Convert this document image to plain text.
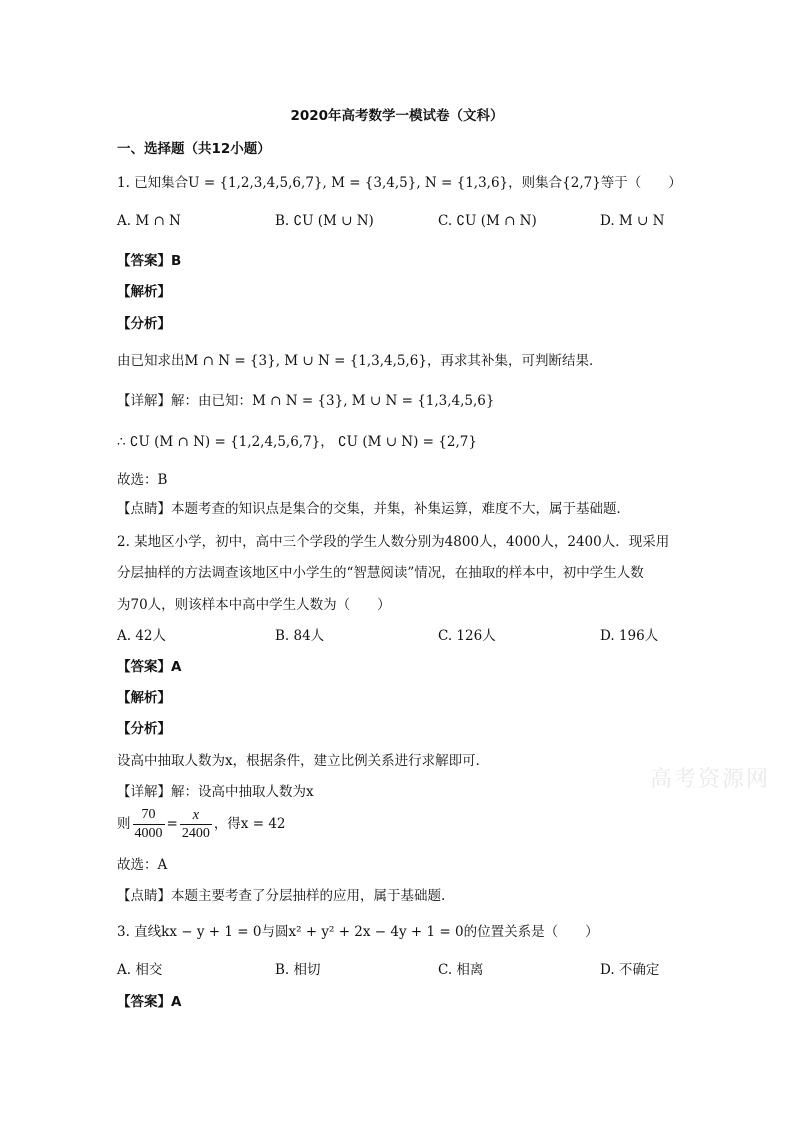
2020年高考数学一模试卷（文科）
一、选择题（共12小题）
1. 已知集合U = {1,2,3,4,5,6,7}, M = {3,4,5}, N = {1,3,6}，则集合{2,7}等于（　　）
A. M ∩ N	B. ∁U (M ∪ N)	C. ∁U (M ∩ N)	D. M ∪ N
【答案】B
【解析】
【分析】
由已知求出M ∩ N = {3}, M ∪ N = {1,3,4,5,6}，再求其补集，可判断结果．
【详解】解：由已知：M ∩ N = {3}, M ∪ N = {1,3,4,5,6}
∴ ∁U (M ∩ N) = {1,2,4,5,6,7}， ∁U (M ∪ N) = {2,7}
故选：B
【点睛】本题考查的知识点是集合的交集，并集，补集运算，难度不大，属于基础题．
2. 某地区小学，初中，高中三个学段的学生人数分别为4800人，4000人，2400人．现采用
分层抽样的方法调查该地区中小学生的“智慧阅读”情况，在抽取的样本中，初中学生人数
为70人，则该样本中高中学生人数为（　　）
A. 42人	B. 84人	C. 126人	D. 196人
【答案】A
【解析】
【分析】
设高中抽取人数为x，根据条件，建立比例关系进行求解即可．
【详解】解：设高中抽取人数为x
则 $\frac{70}{4000} = \frac{x}{2400}$ ，得x = 42
故选：A
【点睛】本题主要考查了分层抽样的应用，属于基础题.
3. 直线kx − y + 1 = 0与圆x² + y² + 2x − 4y + 1 = 0的位置关系是（　　）
A. 相交	B. 相切	C. 相离	D. 不确定
【答案】A
高考资源网
